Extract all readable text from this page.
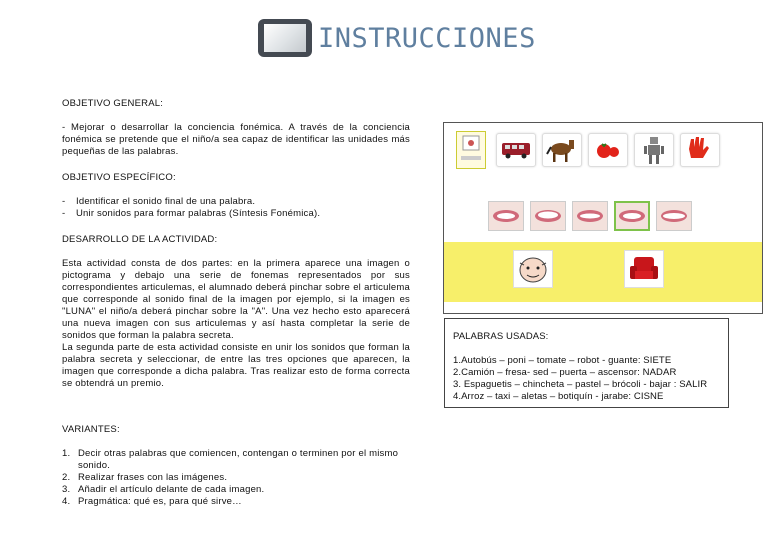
INSTRUCCIONES

OBJETIVO GENERAL:

- Mejorar o desarrollar la conciencia fonémica. A través de la conciencia fonémica se pretende que el niño/a sea capaz de identificar las unidades más pequeñas de las palabras.

OBJETIVO ESPECÍFICO:

-	Identificar el sonido final de una palabra.
-	Unir sonidos para formar palabras (Síntesis Fonémica).

DESARROLLO DE LA ACTIVIDAD:

Esta actividad consta de dos partes: en la primera aparece una imagen o pictograma y debajo una serie de fonemas representados por sus correspondientes articulemas, el alumnado deberá pinchar sobre el articulema que corresponde al sonido final de la imagen por ejemplo, si la imagen es "LUNA" el niño/a deberá pinchar sobre la "A". Una vez hecho esto aparecerá una nueva imagen con sus articulemas y así hasta completar la serie de sonidos que forman la palabra secreta.

La segunda parte de esta actividad consiste en unir los sonidos que forman la palabra secreta y seleccionar, de entre las tres opciones que aparecen, la imagen que corresponde a dicha palabra. Tras realizar esto de forma correcta se obtendrá un premio.

VARIANTES:

1. Decir otras palabras que comiencen, contengan o terminen por el mismo sonido.
2. Realizar frases con las imágenes.
3. Añadir el artículo delante de cada imagen.
4. Pragmática: qué es, para qué sirve…

PALABRAS USADAS:

1.Autobús – poni – tomate – robot - guante: SIETE

2.Camión – fresa- sed – puerta – ascensor: NADAR

3. Espaguetis – chincheta – pastel – brócoli - bajar : SALIR

4.Arroz – taxi – aletas – botiquín - jarabe: CISNE
